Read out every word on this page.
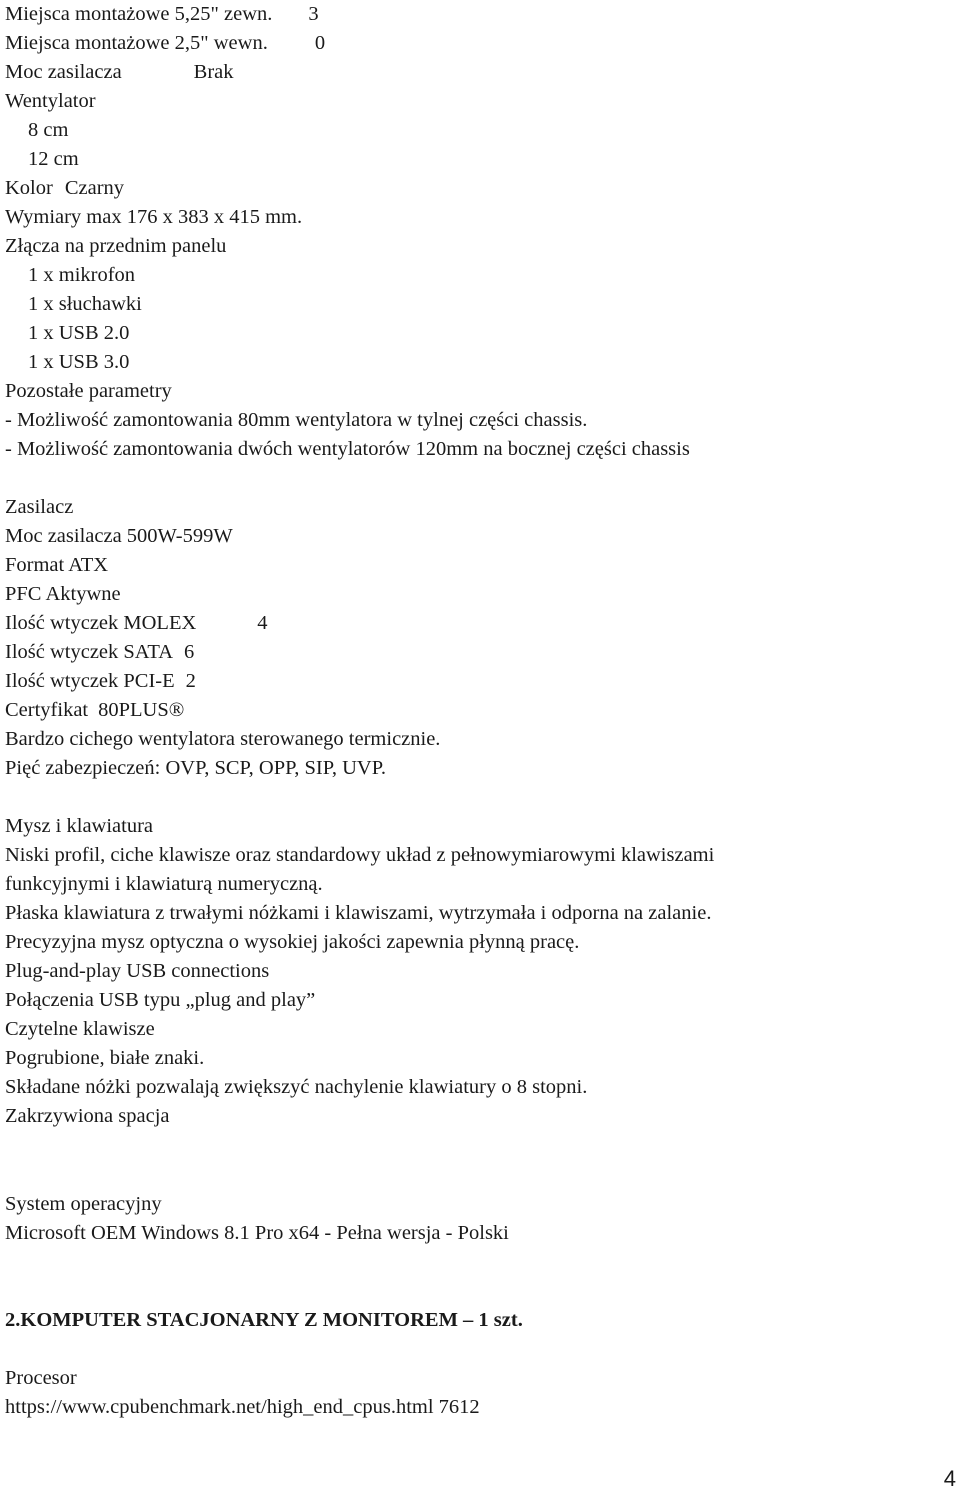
Miejsca montażowe 5,25" zewn. 3
Miejsca montażowe 2,5" wewn. 0
Moc zasilacza	Brak
Wentylator
8 cm
12 cm
Kolor Czarny
Wymiary max 176 x 383 x 415 mm.
Złącza na przednim panelu
1 x mikrofon
1 x słuchawki
1 x USB 2.0
1 x USB 3.0
Pozostałe parametry
- Możliwość zamontowania 80mm wentylatora w tylnej części chassis.
- Możliwość zamontowania dwóch wentylatorów 120mm na bocznej części chassis
Zasilacz
Moc zasilacza 500W-599W
Format ATX
PFC Aktywne
Ilość wtyczek MOLEX	4
Ilość wtyczek SATA 6
Ilość wtyczek PCI-E 2
Certyfikat 80PLUS®
Bardzo cichego wentylatora sterowanego termicznie.
Pięć zabezpieczeń: OVP, SCP, OPP, SIP, UVP.
Mysz i klawiatura
Niski profil, ciche klawisze oraz standardowy układ z pełnowymiarowymi klawiszami
funkcyjnymi i klawiaturą numeryczną.
Płaska klawiatura z trwałymi nóżkami i klawiszami, wytrzymała i odporna na zalanie.
Precyzyjna mysz optyczna o wysokiej jakości zapewnia płynną pracę.
Plug-and-play USB connections
Połączenia USB typu „plug and play”
Czytelne klawisze
Pogrubione, białe znaki.
Składane nóżki pozwalają zwiększyć nachylenie klawiatury o 8 stopni.
Zakrzywiona spacja
System operacyjny
Microsoft OEM Windows 8.1 Pro x64 - Pełna wersja - Polski
2.KOMPUTER STACJONARNY Z MONITOREM – 1 szt.
Procesor
https://www.cpubenchmark.net/high_end_cpus.html 7612
4
